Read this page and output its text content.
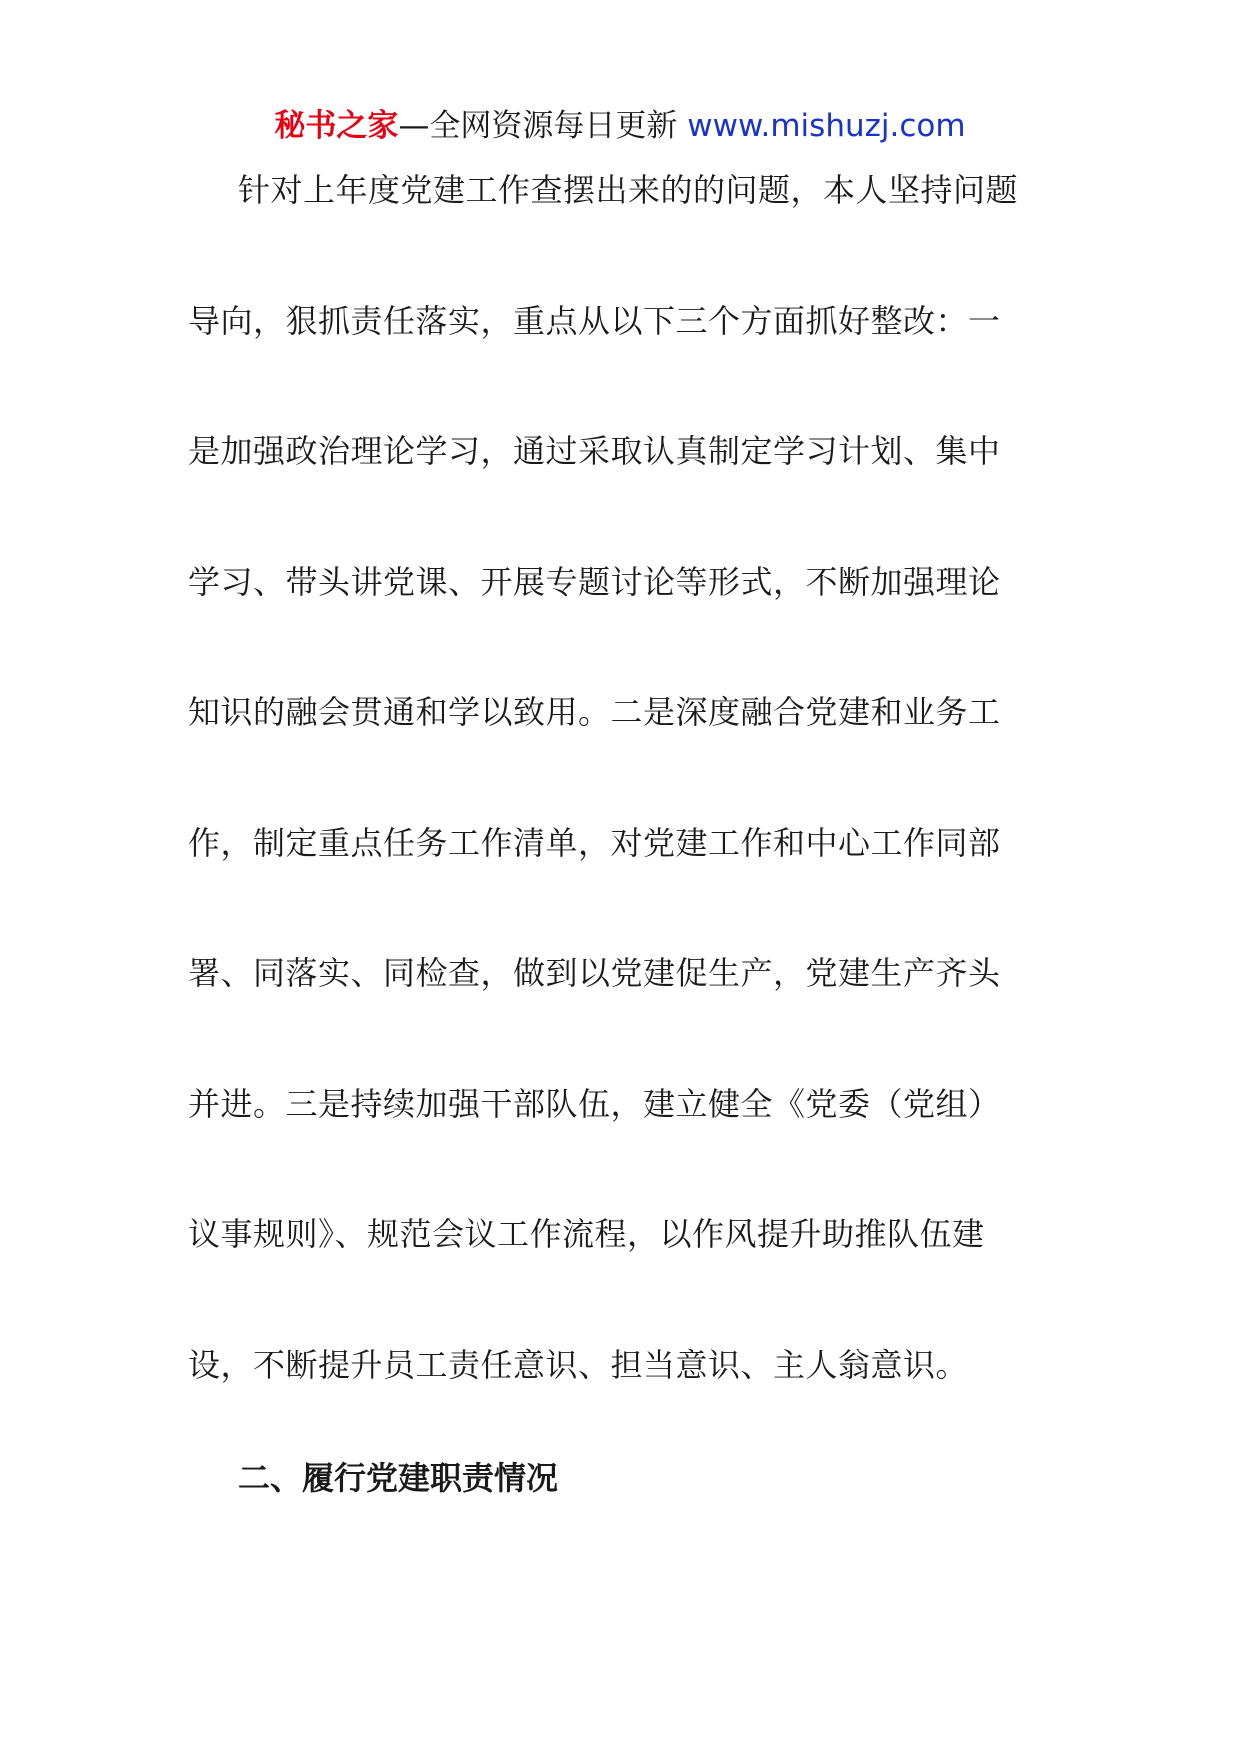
秘书之家—全网资源每日更新 www.mishuzj.com
针对上年度党建工作查摆出来的的问题，本人坚持问题
导向，狠抓责任落实，重点从以下三个方面抓好整改：一
是加强政治理论学习，通过采取认真制定学习计划、集中
学习、带头讲党课、开展专题讨论等形式，不断加强理论
知识的融会贯通和学以致用。二是深度融合党建和业务工
作，制定重点任务工作清单，对党建工作和中心工作同部
署、同落实、同检查，做到以党建促生产，党建生产齐头
并进。三是持续加强干部队伍，建立健全《党委（党组）
议事规则》、规范会议工作流程，以作风提升助推队伍建
设，不断提升员工责任意识、担当意识、主人翁意识。
二、履行党建职责情况
